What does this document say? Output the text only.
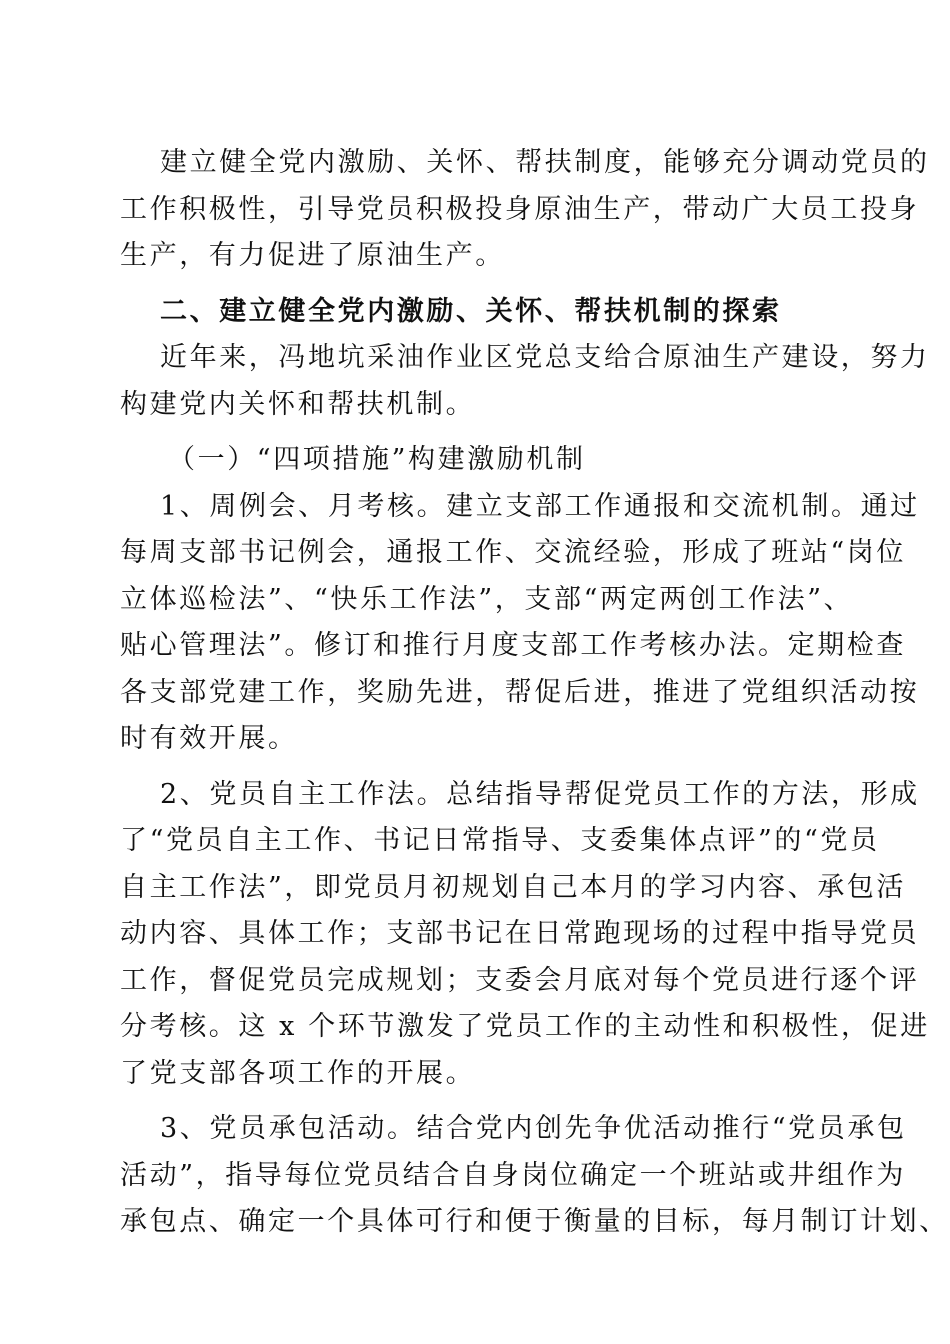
建立健全党内激励、关怀、帮扶制度，能够充分调动党员的
工作积极性，引导党员积极投身原油生产，带动广大员工投身
生产，有力促进了原油生产。
二、建立健全党内激励、关怀、帮扶机制的探索
近年来，冯地坑采油作业区党总支给合原油生产建设，努力
构建党内关怀和帮扶机制。
（一）“四项措施”构建激励机制
1、周例会、月考核。建立支部工作通报和交流机制。通过
每周支部书记例会，通报工作、交流经验，形成了班站“岗位
立体巡检法”、“快乐工作法”，支部“两定两创工作法”、
贴心管理法”。修订和推行月度支部工作考核办法。定期检查
各支部党建工作，奖励先进，帮促后进，推进了党组织活动按
时有效开展。
2、党员自主工作法。总结指导帮促党员工作的方法，形成
了“党员自主工作、书记日常指导、支委集体点评”的“党员
自主工作法”，即党员月初规划自己本月的学习内容、承包活
动内容、具体工作；支部书记在日常跑现场的过程中指导党员
工作，督促党员完成规划；支委会月底对每个党员进行逐个评
分考核。这 x 个环节激发了党员工作的主动性和积极性，促进
了党支部各项工作的开展。
3、党员承包活动。结合党内创先争优活动推行“党员承包
活动”，指导每位党员结合自身岗位确定一个班站或井组作为
承包点、确定一个具体可行和便于衡量的目标，每月制订计划、
